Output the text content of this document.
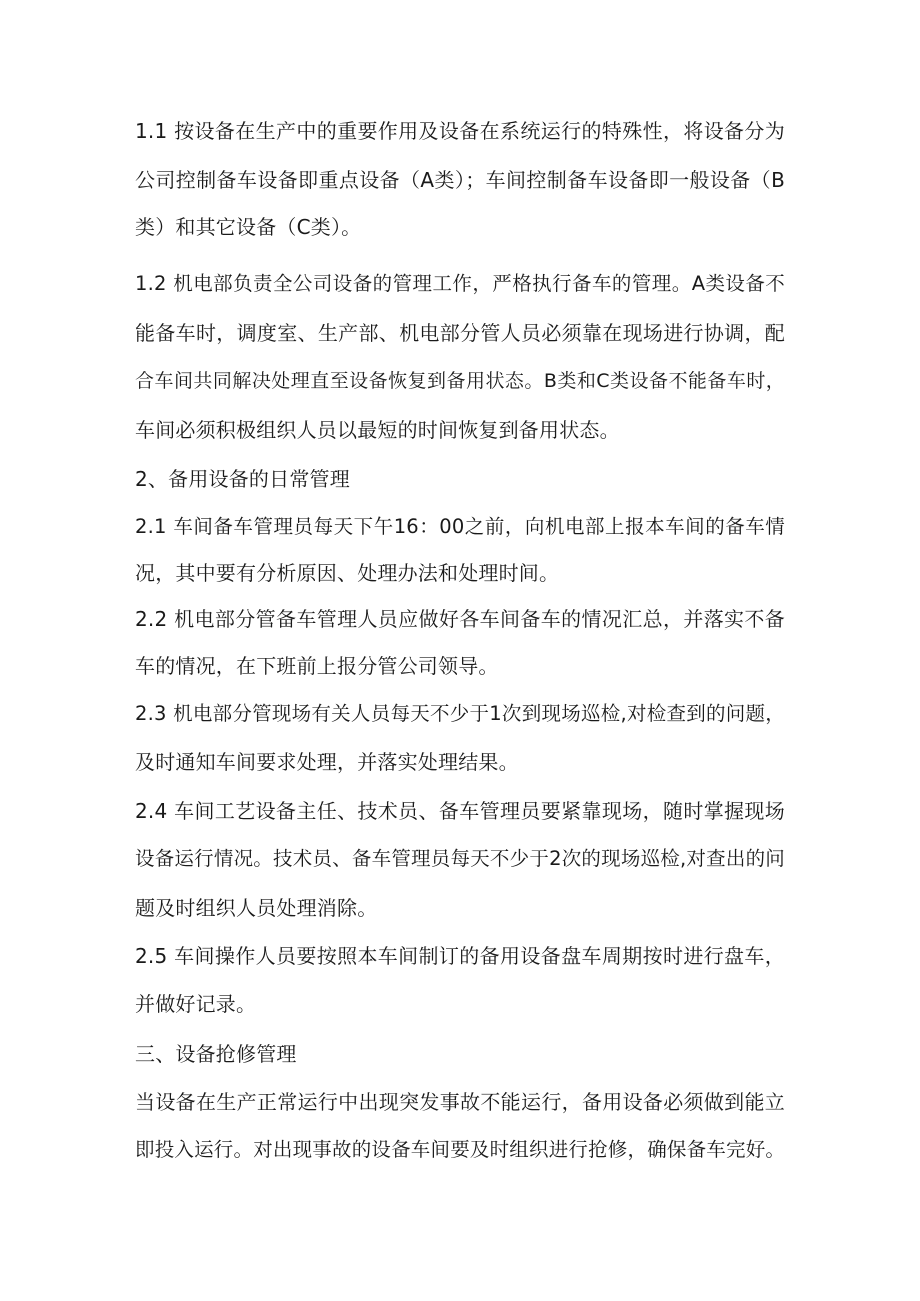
1.1 按设备在生产中的重要作用及设备在系统运行的特殊性，将设备分为
公司控制备车设备即重点设备（A类）；车间控制备车设备即一般设备（B
类）和其它设备（C类）。
1.2 机电部负责全公司设备的管理工作，严格执行备车的管理。A类设备不
能备车时，调度室、生产部、机电部分管人员必须靠在现场进行协调，配
合车间共同解决处理直至设备恢复到备用状态。B类和C类设备不能备车时，
车间必须积极组织人员以最短的时间恢复到备用状态。
2、备用设备的日常管理
2.1 车间备车管理员每天下午16：00之前，向机电部上报本车间的备车情
况，其中要有分析原因、处理办法和处理时间。
2.2 机电部分管备车管理人员应做好各车间备车的情况汇总，并落实不备
车的情况，在下班前上报分管公司领导。
2.3 机电部分管现场有关人员每天不少于1次到现场巡检,对检查到的问题，
及时通知车间要求处理，并落实处理结果。
2.4 车间工艺设备主任、技术员、备车管理员要紧靠现场，随时掌握现场
设备运行情况。技术员、备车管理员每天不少于2次的现场巡检,对查出的问
题及时组织人员处理消除。
2.5 车间操作人员要按照本车间制订的备用设备盘车周期按时进行盘车，
并做好记录。
三、设备抢修管理
当设备在生产正常运行中出现突发事故不能运行，备用设备必须做到能立
即投入运行。对出现事故的设备车间要及时组织进行抢修，确保备车完好。
